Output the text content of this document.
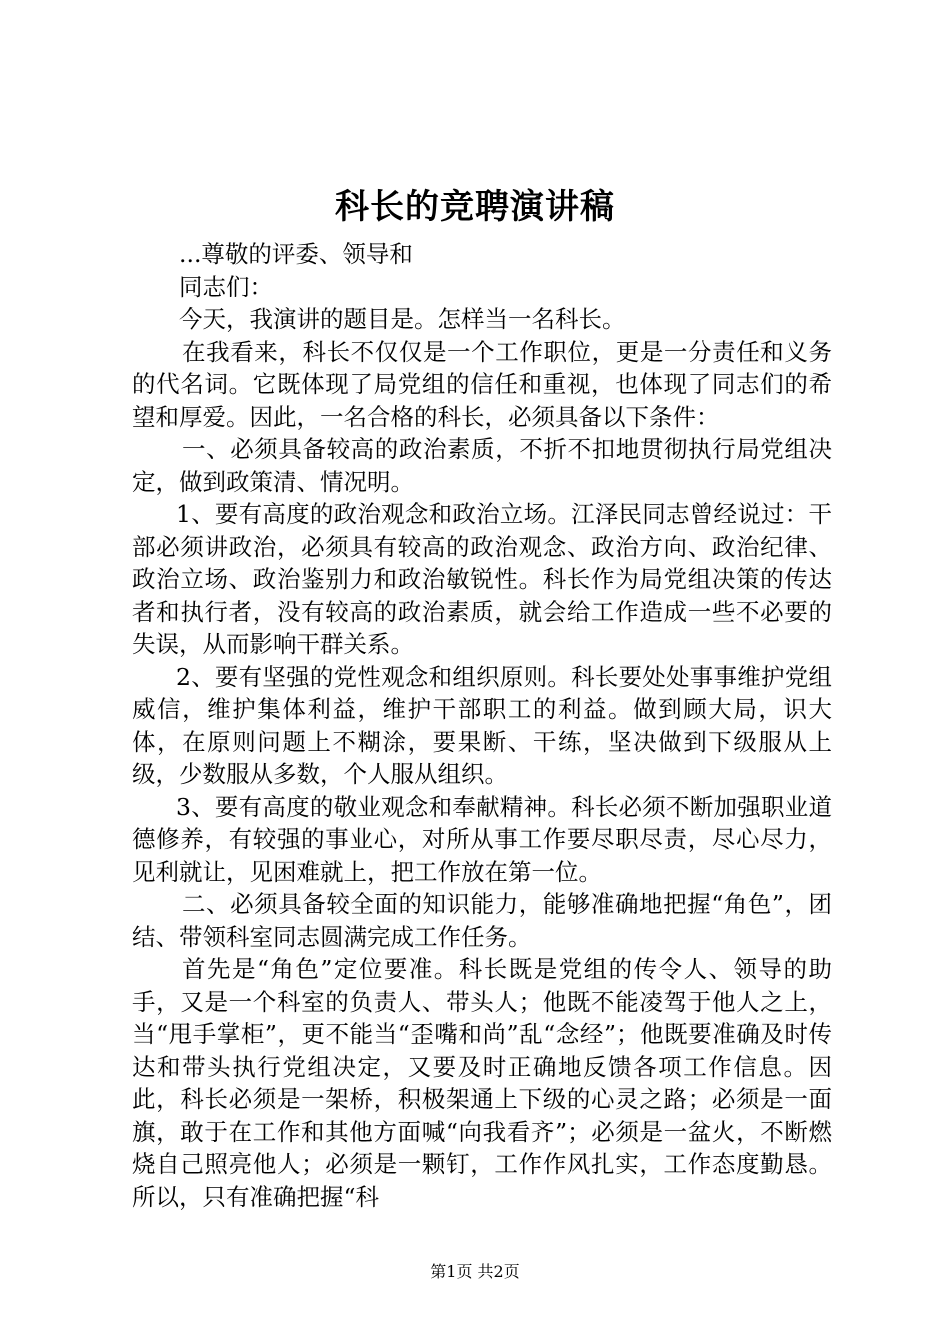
科长的竞聘演讲稿

...尊敬的评委、领导和

同志们：

今天，我演讲的题目是。怎样当一名科长。

在我看来，科长不仅仅是一个工作职位，更是一分责任和义务的代名词。它既体现了局党组的信任和重视，也体现了同志们的希望和厚爱。因此，一名合格的科长，必须具备以下条件：

一、必须具备较高的政治素质，不折不扣地贯彻执行局党组决定，做到政策清、情况明。

1、要有高度的政治观念和政治立场。江泽民同志曾经说过：干部必须讲政治，必须具有较高的政治观念、政治方向、政治纪律、政治立场、政治鉴别力和政治敏锐性。科长作为局党组决策的传达者和执行者，没有较高的政治素质，就会给工作造成一些不必要的失误，从而影响干群关系。

2、要有坚强的党性观念和组织原则。科长要处处事事维护党组威信，维护集体利益，维护干部职工的利益。做到顾大局，识大体，在原则问题上不糊涂，要果断、干练，坚决做到下级服从上级，少数服从多数，个人服从组织。

3、要有高度的敬业观念和奉献精神。科长必须不断加强职业道德修养，有较强的事业心，对所从事工作要尽职尽责，尽心尽力，见利就让，见困难就上，把工作放在第一位。

二、必须具备较全面的知识能力，能够准确地把握“角色”，团结、带领科室同志圆满完成工作任务。

首先是“角色”定位要准。科长既是党组的传令人、领导的助手，又是一个科室的负责人、带头人；他既不能凌驾于他人之上，当“甩手掌柜”，更不能当“歪嘴和尚”乱“念经”；他既要准确及时传达和带头执行党组决定，又要及时正确地反馈各项工作信息。因此，科长必须是一架桥，积极架通上下级的心灵之路；必须是一面旗，敢于在工作和其他方面喊“向我看齐”；必须是一盆火，不断燃烧自己照亮他人；必须是一颗钉，工作作风扎实，工作态度勤恳。所以，只有准确把握“科

第1页 共2页
